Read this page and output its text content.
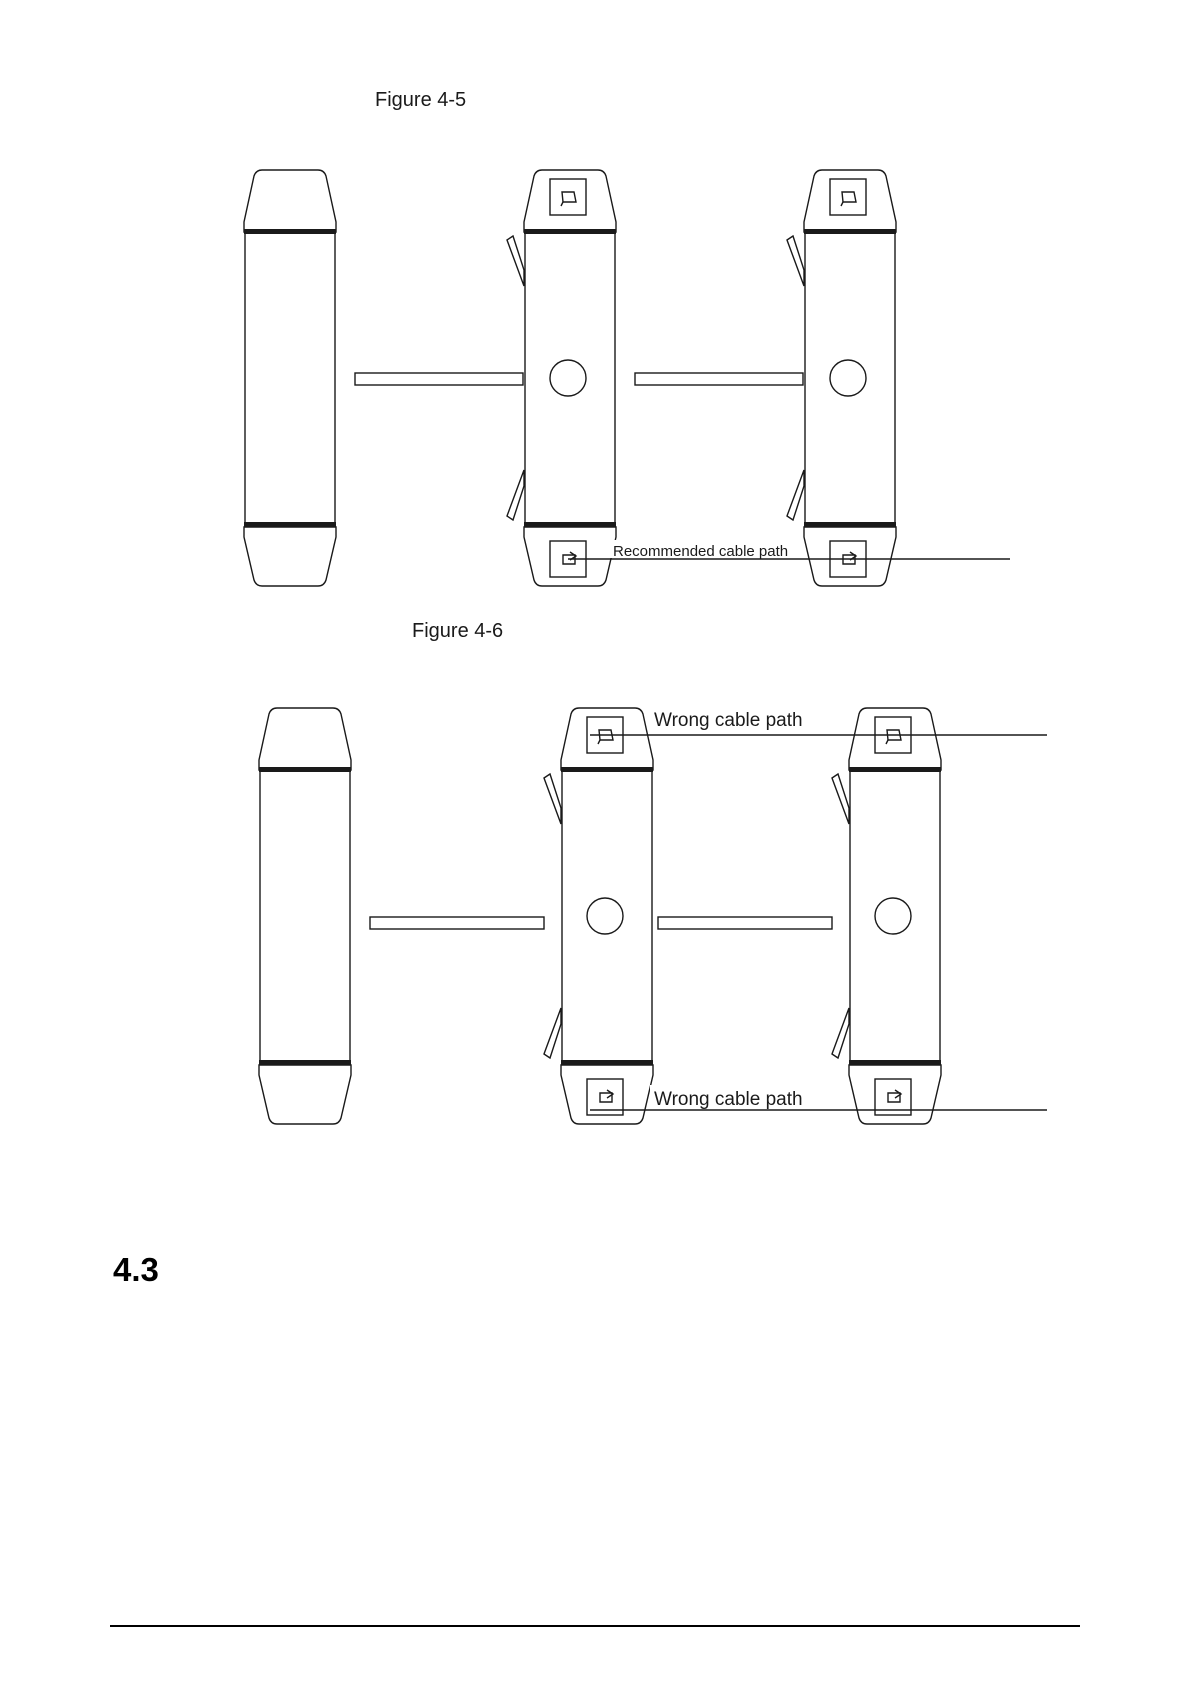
Figure 4-5
Recommended cable path
Wrong cable path
Wrong cable path
Figure 4-6
4.3
